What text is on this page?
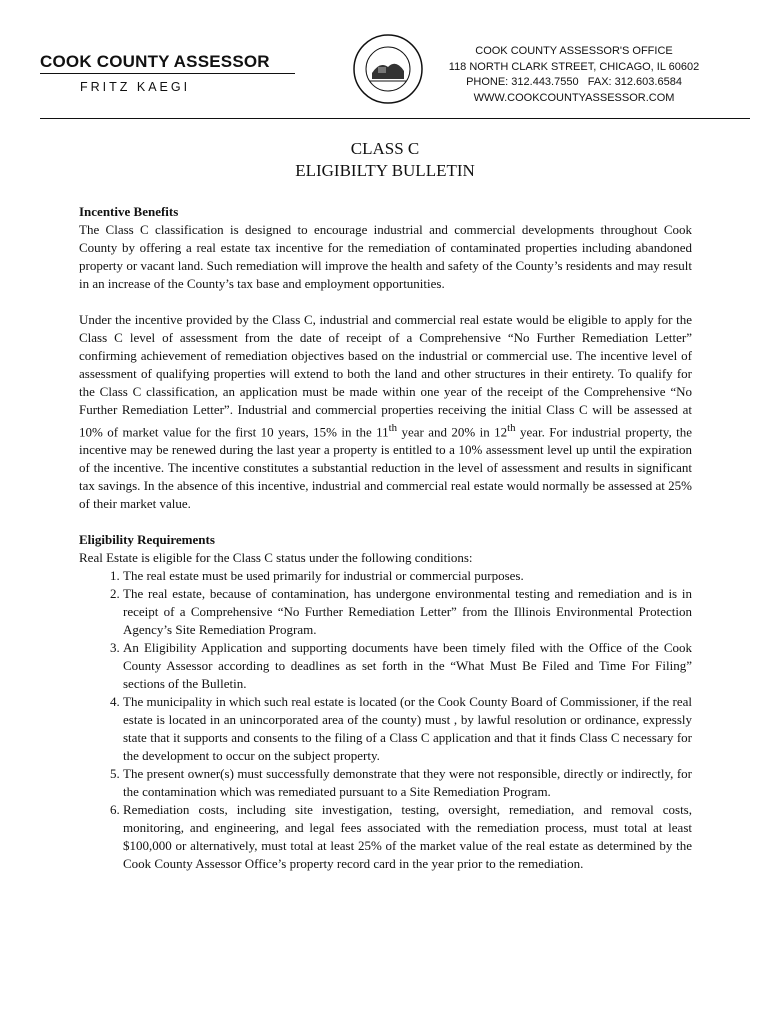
COOK COUNTY ASSESSOR
FRITZ KAEGI
COOK COUNTY ASSESSOR'S OFFICE
118 NORTH CLARK STREET, CHICAGO, IL 60602
PHONE: 312.443.7550   FAX: 312.603.6584
WWW.COOKCOUNTYASSESSOR.COM
CLASS C
ELIGIBILTY BULLETIN

Incentive Benefits

The Class C classification is designed to encourage industrial and commercial developments throughout Cook County by offering a real estate tax incentive for the remediation of contaminated properties including abandoned property or vacant land. Such remediation will improve the health and safety of the County’s residents and may result in an increase of the County’s tax base and employment opportunities.

Under the incentive provided by the Class C, industrial and commercial real estate would be eligible to apply for the Class C level of assessment from the date of receipt of a Comprehensive “No Further Remediation Letter” confirming achievement of remediation objectives based on the industrial or commercial use. The incentive level of assessment of qualifying properties will extend to both the land and other structures in their entirety. To qualify for the Class C classification, an application must be made within one year of the receipt of the Comprehensive “No Further Remediation Letter”. Industrial and commercial properties receiving the initial Class C will be assessed at 10% of market value for the first 10 years, 15% in the 11th year and 20% in 12th year. For industrial property, the incentive may be renewed during the last year a property is entitled to a 10% assessment level up until the expiration of the incentive. The incentive constitutes a substantial reduction in the level of assessment and results in significant tax savings. In the absence of this incentive, industrial and commercial real estate would normally be assessed at 25% of their market value.

Eligibility Requirements

Real Estate is eligible for the Class C status under the following conditions:

1. The real estate must be used primarily for industrial or commercial purposes.
2. The real estate, because of contamination, has undergone environmental testing and remediation and is in receipt of a Comprehensive “No Further Remediation Letter” from the Illinois Environmental Protection Agency’s Site Remediation Program.
3. An Eligibility Application and supporting documents have been timely filed with the Office of the Cook County Assessor according to deadlines as set forth in the “What Must Be Filed and Time For Filing” sections of the Bulletin.
4. The municipality in which such real estate is located (or the Cook County Board of Commissioner, if the real estate is located in an unincorporated area of the county) must , by lawful resolution or ordinance, expressly state that it supports and consents to the filing of a Class C application and that it finds Class C necessary for the development to occur on the subject property.
5. The present owner(s) must successfully demonstrate that they were not responsible, directly or indirectly, for the contamination which was remediated pursuant to a Site Remediation Program.
6. Remediation costs, including site investigation, testing, oversight, remediation, and removal costs, monitoring, and engineering, and legal fees associated with the remediation process, must total at least $100,000 or alternatively, must total at least 25% of the market value of the real estate as determined by the Cook County Assessor Office’s property record card in the year prior to the remediation.
